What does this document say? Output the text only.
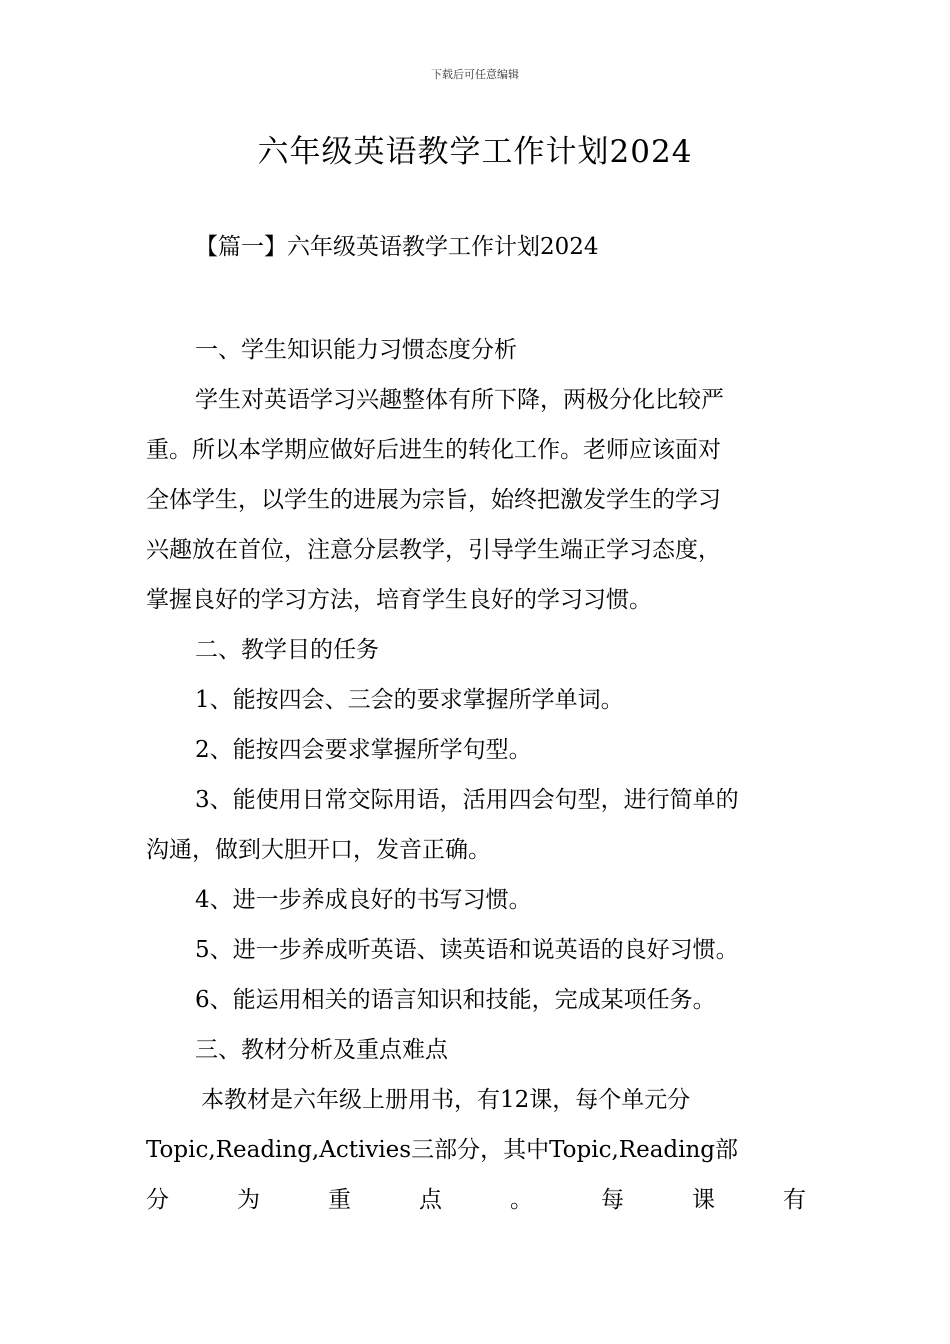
下载后可任意编辑
六年级英语教学工作计划2024
【篇一】六年级英语教学工作计划2024
一、学生知识能力习惯态度分析
学生对英语学习兴趣整体有所下降，两极分化比较严
重。所以本学期应做好后进生的转化工作。老师应该面对
全体学生，以学生的进展为宗旨，始终把激发学生的学习
兴趣放在首位，注意分层教学，引导学生端正学习态度，
掌握良好的学习方法，培育学生良好的学习习惯。
二、教学目的任务
1、能按四会、三会的要求掌握所学单词。
2、能按四会要求掌握所学句型。
3、能使用日常交际用语，活用四会句型，进行简单的
沟通，做到大胆开口，发音正确。
4、进一步养成良好的书写习惯。
5、进一步养成听英语、读英语和说英语的良好习惯。
6、能运用相关的语言知识和技能，完成某项任务。
三、教材分析及重点难点
本教材是六年级上册用书，有12课，每个单元分
Topic,Reading,Activies三部分，其中Topic,Reading部
分	为	重	点	。	每	课	有
